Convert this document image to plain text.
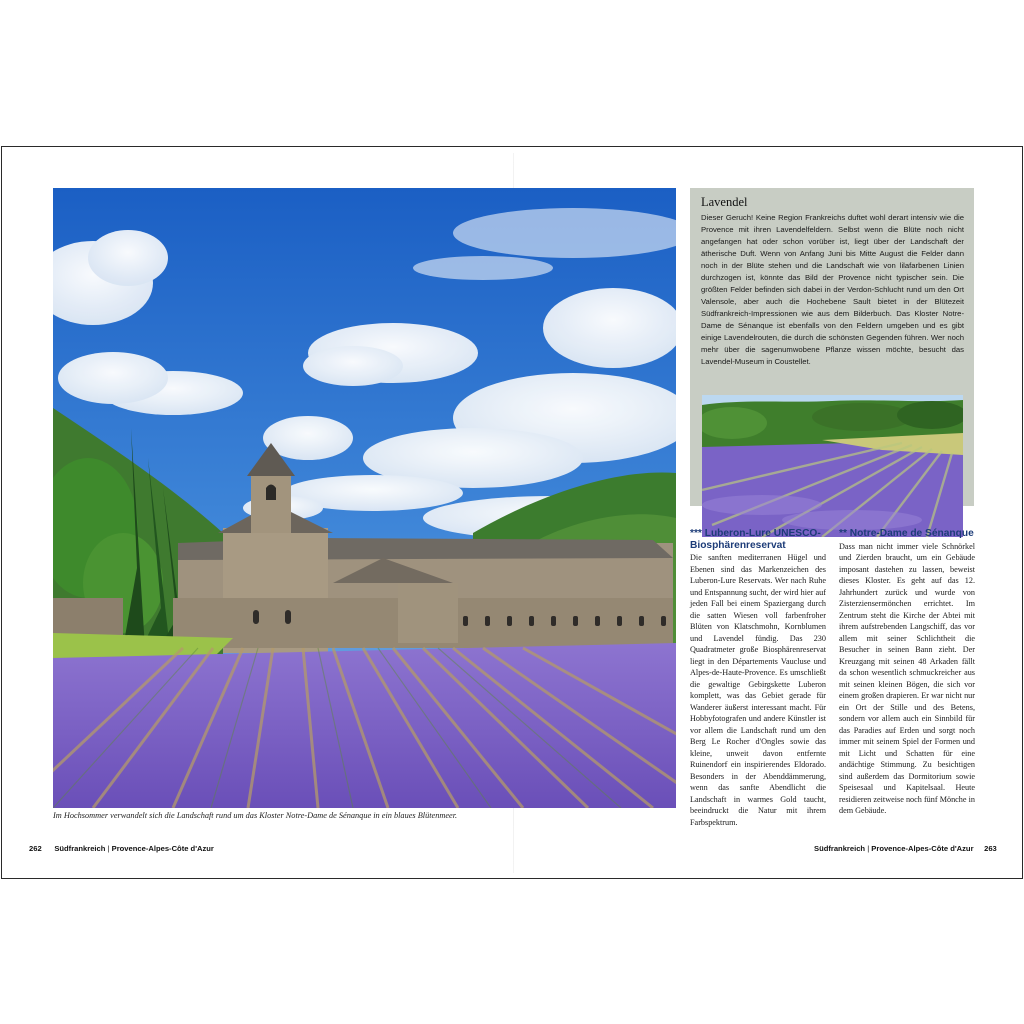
Im Hochsommer verwandelt sich die Landschaft rund um das Kloster Notre-Dame de Sénanque in ein blaues Blütenmeer.

Lavendel

Dieser Geruch! Keine Region Frankreichs duftet wohl derart intensiv wie die Provence mit ihren Lavendelfeldern. Selbst wenn die Blüte noch nicht angefangen hat oder schon vorüber ist, liegt über der Landschaft der ätherische Duft. Wenn von Anfang Juni bis Mitte August die Felder dann noch in der Blüte stehen und die Landschaft wie von lilafarbenen Linien durchzogen ist, könnte das Bild der Provence nicht typischer sein. Die größten Felder befinden sich dabei in der Verdon-Schlucht rund um den Ort Valensole, aber auch die Hochebene Sault bietet in der Blütezeit Südfrankreich-Impressionen wie aus dem Bilderbuch. Das Kloster Notre-Dame de Sénanque ist ebenfalls von den Feldern umgeben und es gibt einige Lavendelrouten, die durch die schönsten Gegenden führen. Wer noch mehr über die sagenumwobene Pflanze wissen möchte, besucht das Lavendel-Museum in Coustellet.

*** Luberon-Lure UNESCO-Biosphärenreservat

Die sanften mediterranen Hügel und Ebenen sind das Markenzeichen des Luberon-Lure Reservats. Wer nach Ruhe und Entspannung sucht, der wird hier auf jeden Fall bei einem Spaziergang durch die satten Wiesen voll farbenfroher Blüten von Klatschmohn, Kornblumen und Lavendel fündig. Das 230 Quadratmeter große Biosphärenreservat liegt in den Départements Vaucluse und Alpes-de-Haute-Provence. Es umschließt die gewaltige Gebirgskette Luberon komplett, was das Gebiet gerade für Wanderer äußerst interessant macht. Für Hobbyfotografen und andere Künstler ist vor allem die Landschaft rund um den Berg Le Rocher d'Ongles sowie das kleine, unweit davon entfernte Ruinendorf ein inspirierendes Eldorado. Besonders in der Abenddämmerung, wenn das sanfte Abendlicht die Landschaft in warmes Gold taucht, beeindruckt die Natur mit ihrem Farbspektrum.

** Notre-Dame de Sénanque

Dass man nicht immer viele Schnörkel und Zierden braucht, um ein Gebäude imposant dastehen zu lassen, beweist dieses Kloster. Es geht auf das 12. Jahrhundert zurück und wurde von Zisterziensermönchen errichtet. Im Zentrum steht die Kirche der Abtei mit ihrem aufstrebenden Langschiff, das vor allem mit seiner Schlichtheit die Besucher in seinen Bann zieht. Der Kreuzgang mit seinen 48 Arkaden fällt da schon wesentlich schmuckreicher aus mit seinen kleinen Bögen, die sich vor einem großen drapieren. Er war nicht nur ein Ort der Stille und des Betens, sondern vor allem auch ein Sinnbild für das Paradies auf Erden und sorgt noch immer mit seinem Spiel der Formen und mit Licht und Schatten für eine andächtige Stimmung. Zu besichtigen sind außerdem das Dormitorium sowie Speisesaal und Kapitelsaal. Heute residieren zeitweise noch fünf Mönche in dem Gebäude.

262 Südfrankreich | Provence-Alpes-Côte d'Azur	Südfrankreich | Provence-Alpes-Côte d'Azur 263
